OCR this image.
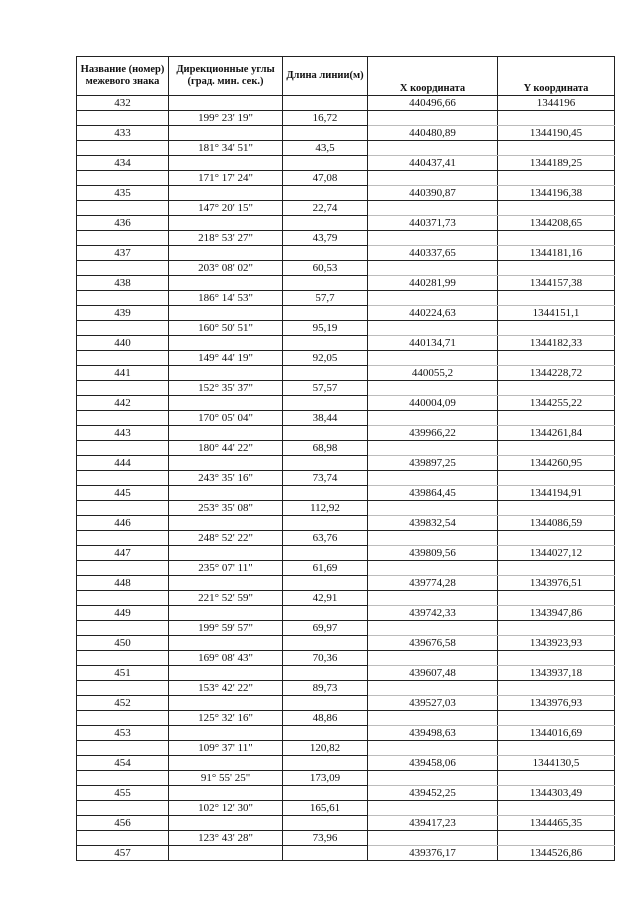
Название (номер) межевого знака	Дирекционные углы (град. мин. сек.)	Длина линии(м)	X координата	Y координата
432			440496,66	1344196
	199° 23' 19"	16,72		
433			440480,89	1344190,45
	181° 34' 51"	43,5		
434			440437,41	1344189,25
	171° 17' 24"	47,08		
435			440390,87	1344196,38
	147° 20' 15"	22,74		
436			440371,73	1344208,65
	218° 53' 27"	43,79		
437			440337,65	1344181,16
	203° 08' 02"	60,53		
438			440281,99	1344157,38
	186° 14' 53"	57,7		
439			440224,63	1344151,1
	160° 50' 51"	95,19		
440			440134,71	1344182,33
	149° 44' 19"	92,05		
441			440055,2	1344228,72
	152° 35' 37"	57,57		
442			440004,09	1344255,22
	170° 05' 04"	38,44		
443			439966,22	1344261,84
	180° 44' 22"	68,98		
444			439897,25	1344260,95
	243° 35' 16"	73,74		
445			439864,45	1344194,91
	253° 35' 08"	112,92		
446			439832,54	1344086,59
	248° 52' 22"	63,76		
447			439809,56	1344027,12
	235° 07' 11"	61,69		
448			439774,28	1343976,51
	221° 52' 59"	42,91		
449			439742,33	1343947,86
	199° 59' 57"	69,97		
450			439676,58	1343923,93
	169° 08' 43"	70,36		
451			439607,48	1343937,18
	153° 42' 22"	89,73		
452			439527,03	1343976,93
	125° 32' 16"	48,86		
453			439498,63	1344016,69
	109° 37' 11"	120,82		
454			439458,06	1344130,5
	91° 55' 25"	173,09		
455			439452,25	1344303,49
	102° 12' 30"	165,61		
456			439417,23	1344465,35
	123° 43' 28"	73,96		
457			439376,17	1344526,86
